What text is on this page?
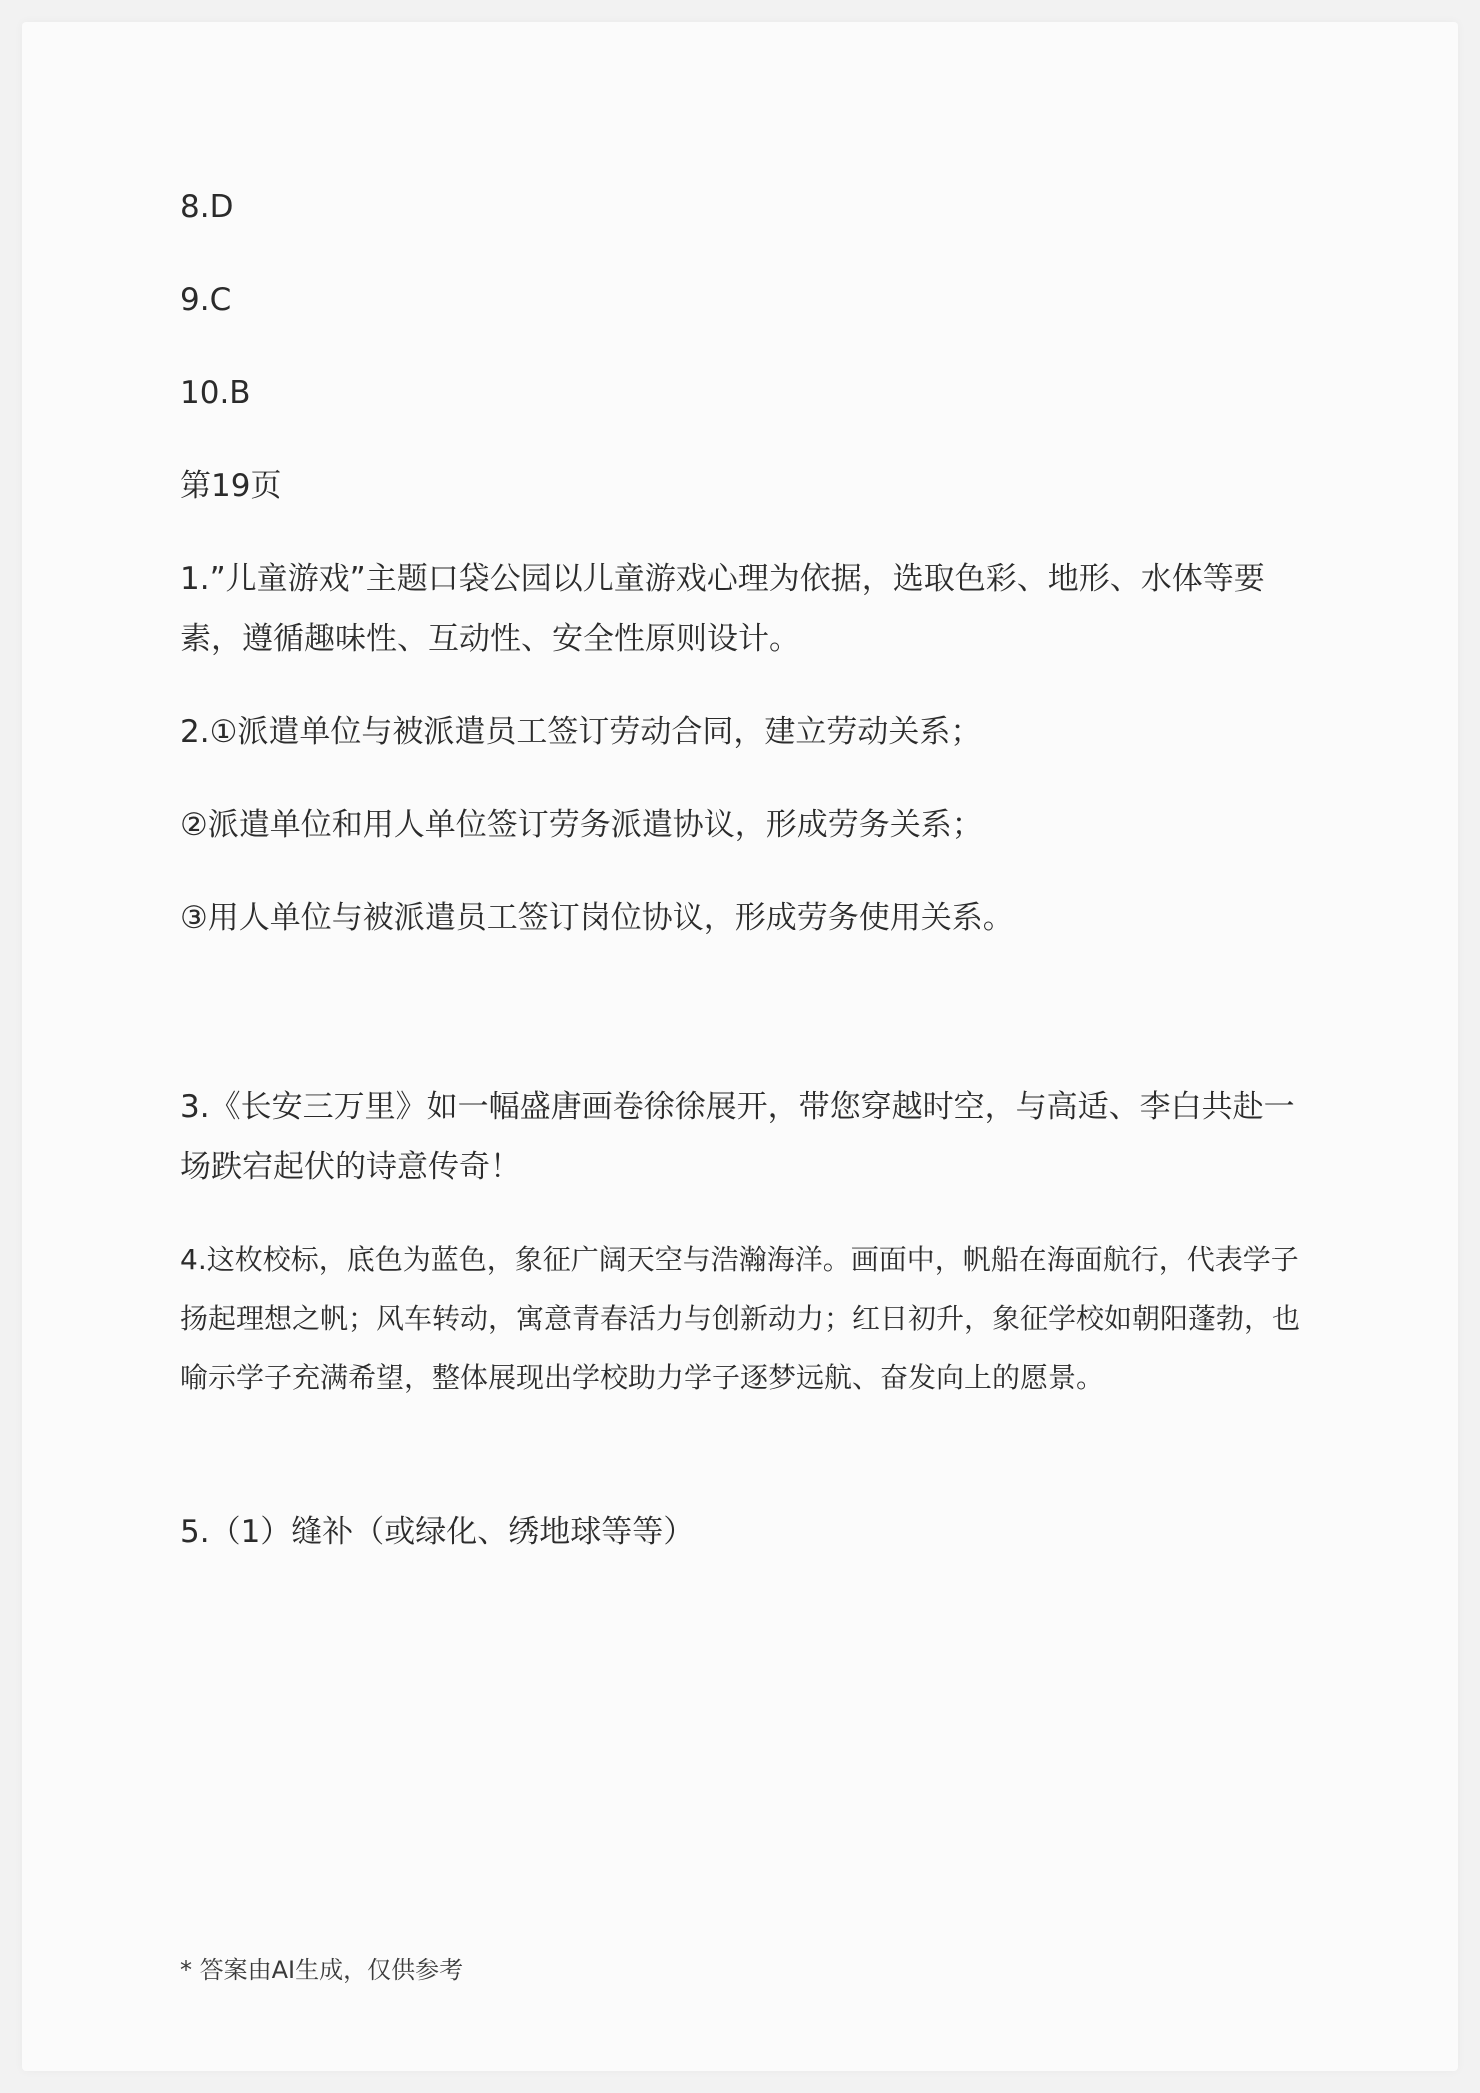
8.D

9.C

10.B

第19页

1.”儿童游戏”主题口袋公园以儿童游戏心理为依据，选取色彩、地形、水体等要素，遵循趣味性、互动性、安全性原则设计。

2.①派遣单位与被派遣员工签订劳动合同，建立劳动关系；

②派遣单位和用人单位签订劳务派遣协议，形成劳务关系；

③用人单位与被派遣员工签订岗位协议，形成劳务使用关系。

3.《长安三万里》如一幅盛唐画卷徐徐展开，带您穿越时空，与高适、李白共赴一场跌宕起伏的诗意传奇！

4.这枚校标，底色为蓝色，象征广阔天空与浩瀚海洋。画面中，帆船在海面航行，代表学子扬起理想之帆；风车转动，寓意青春活力与创新动力；红日初升，象征学校如朝阳蓬勃，也喻示学子充满希望，整体展现出学校助力学子逐梦远航、奋发向上的愿景。

5.（1）缝补（或绿化、绣地球等等）

* 答案由AI生成，仅供参考
